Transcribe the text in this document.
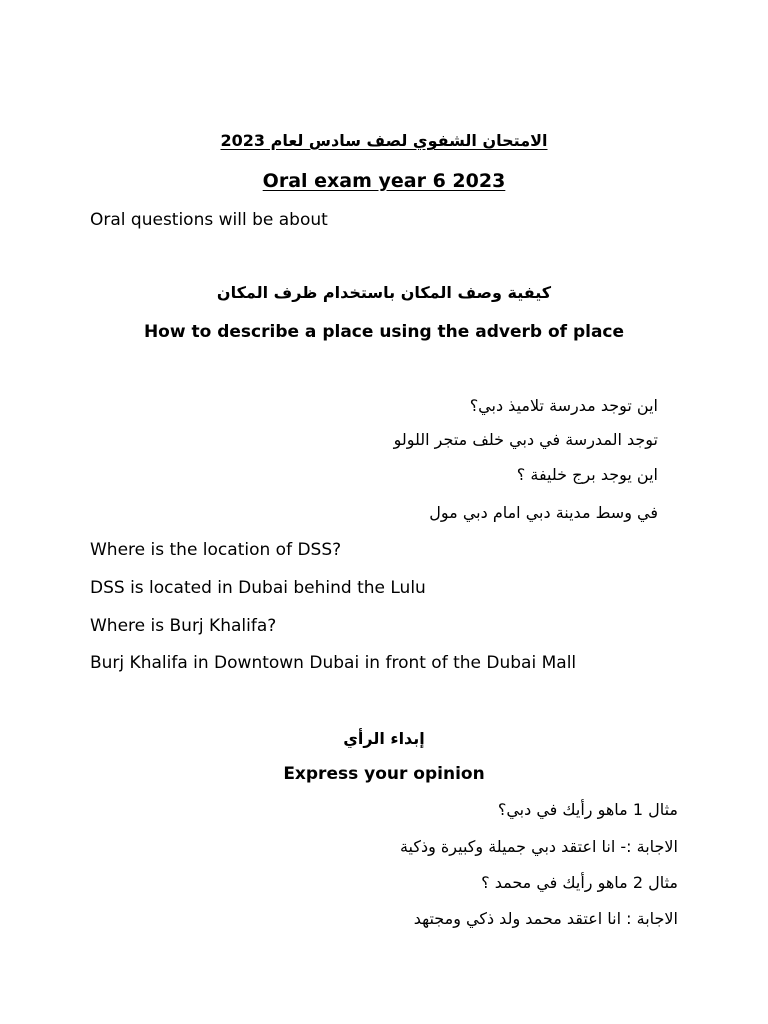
الامتحان الشفوي لصف سادس لعام 2023
Oral exam year 6 2023
Oral questions will be about
كيفية وصف المكان باستخدام ظرف المكان
How to describe a place using the adverb of place
اين توجد مدرسة تلاميذ دبي؟
توجد المدرسة في دبي خلف متجر اللولو
اين يوجد برج خليفة ؟
في وسط مدينة دبي امام دبي مول
Where is the location of DSS?
DSS is located in Dubai behind the Lulu
Where is Burj Khalifa?
Burj Khalifa in Downtown Dubai in front of the Dubai Mall
إبداء الرأي
Express your opinion
مثال 1 ماهو رأيك في دبي؟
الاجابة :- انا اعتقد دبي جميلة وكبيرة وذكية
مثال 2 ماهو رأيك في محمد ؟
الاجابة : انا اعتقد محمد ولد ذكي ومجتهد
